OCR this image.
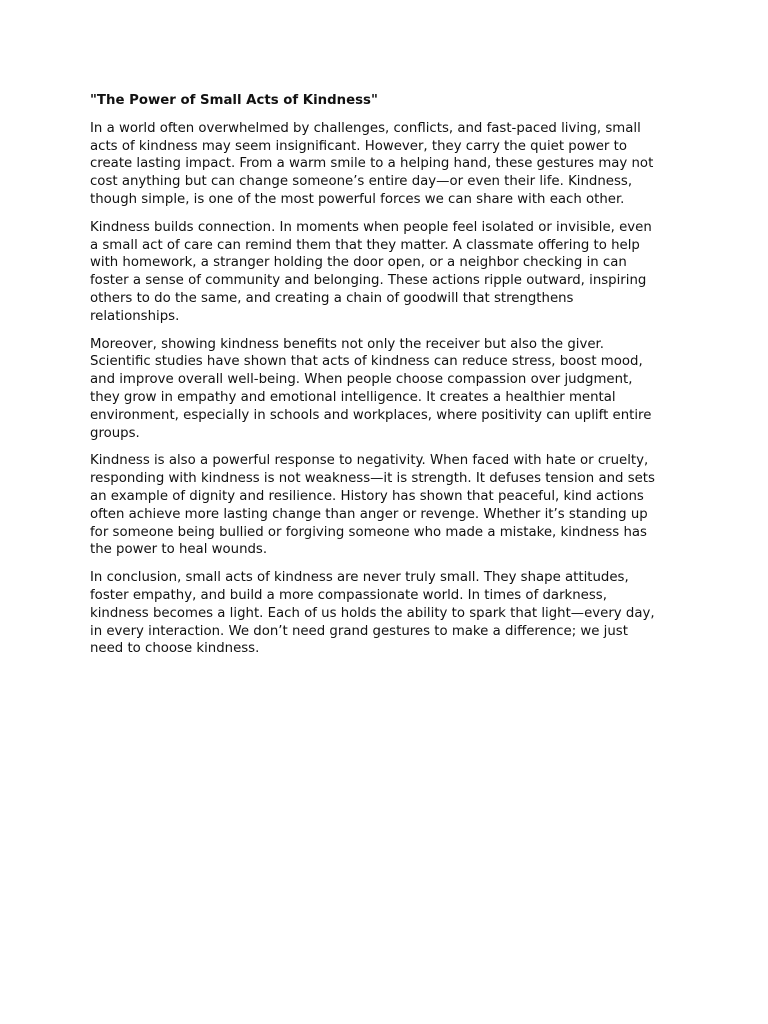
"The Power of Small Acts of Kindness"
In a world often overwhelmed by challenges, conflicts, and fast-paced living, small
acts of kindness may seem insignificant. However, they carry the quiet power to
create lasting impact. From a warm smile to a helping hand, these gestures may not
cost anything but can change someone’s entire day—or even their life. Kindness,
though simple, is one of the most powerful forces we can share with each other.
Kindness builds connection. In moments when people feel isolated or invisible, even
a small act of care can remind them that they matter. A classmate offering to help
with homework, a stranger holding the door open, or a neighbor checking in can
foster a sense of community and belonging. These actions ripple outward, inspiring
others to do the same, and creating a chain of goodwill that strengthens
relationships.
Moreover, showing kindness benefits not only the receiver but also the giver.
Scientific studies have shown that acts of kindness can reduce stress, boost mood,
and improve overall well-being. When people choose compassion over judgment,
they grow in empathy and emotional intelligence. It creates a healthier mental
environment, especially in schools and workplaces, where positivity can uplift entire
groups.
Kindness is also a powerful response to negativity. When faced with hate or cruelty,
responding with kindness is not weakness—it is strength. It defuses tension and sets
an example of dignity and resilience. History has shown that peaceful, kind actions
often achieve more lasting change than anger or revenge. Whether it’s standing up
for someone being bullied or forgiving someone who made a mistake, kindness has
the power to heal wounds.
In conclusion, small acts of kindness are never truly small. They shape attitudes,
foster empathy, and build a more compassionate world. In times of darkness,
kindness becomes a light. Each of us holds the ability to spark that light—every day,
in every interaction. We don’t need grand gestures to make a difference; we just
need to choose kindness.
